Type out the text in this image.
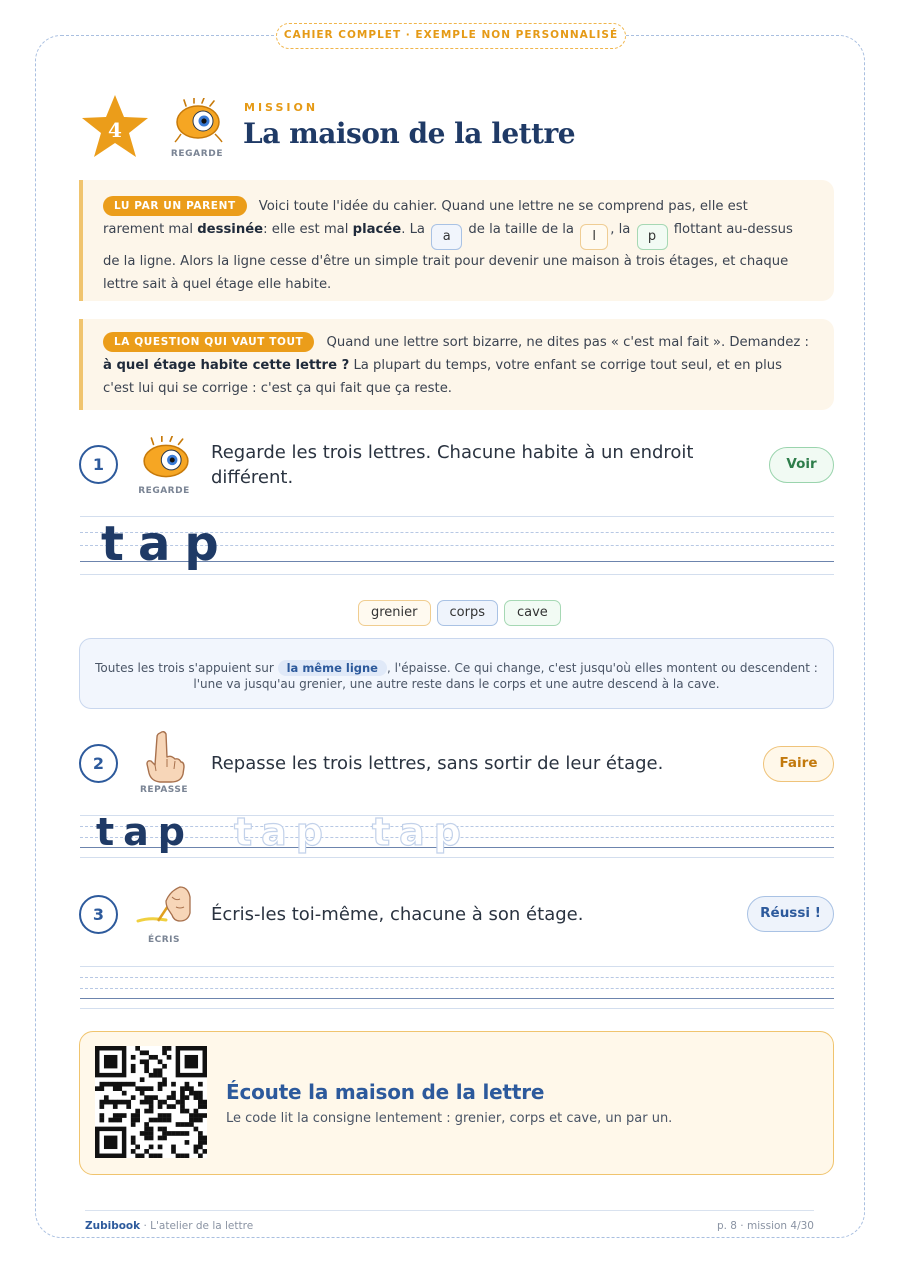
CAHIER COMPLET · EXEMPLE NON PERSONNALISÉ
4
REGARDE
MISSION
La maison de la lettre
LU PAR UN PARENT Voici toute l'idée du cahier. Quand une lettre ne se comprend pas, elle est rarement mal dessinée: elle est mal placée. La a de la taille de la l , la p flottant au-dessus de la ligne. Alors la ligne cesse d'être un simple trait pour devenir une maison à trois étages, et chaque lettre sait à quel étage elle habite.
LA QUESTION QUI VAUT TOUT Quand une lettre sort bizarre, ne dites pas « c'est mal fait ». Demandez : à quel étage habite cette lettre ? La plupart du temps, votre enfant se corrige tout seul, et en plus c'est lui qui se corrige : c'est ça qui fait que ça reste.
1
REGARDE
Regarde les trois lettres. Chacune habite à un endroit différent.
Voir
tap
grenier	corps	cave
Toutes les trois s'appuient sur la même ligne , l'épaisse. Ce qui change, c'est jusqu'où elles montent ou descendent :
l'une va jusqu'au grenier, une autre reste dans le corps et une autre descend à la cave.
2
REPASSE
Repasse les trois lettres, sans sortir de leur étage.	Faire
tap tap tap
3
ÉCRIS
Écris-les toi-même, chacune à son étage.	Réussi !
Écoute la maison de la lettre
Le code lit la consigne lentement : grenier, corps et cave, un par un.
Zubibook · L'atelier de la lettre	p. 8 · mission 4/30
